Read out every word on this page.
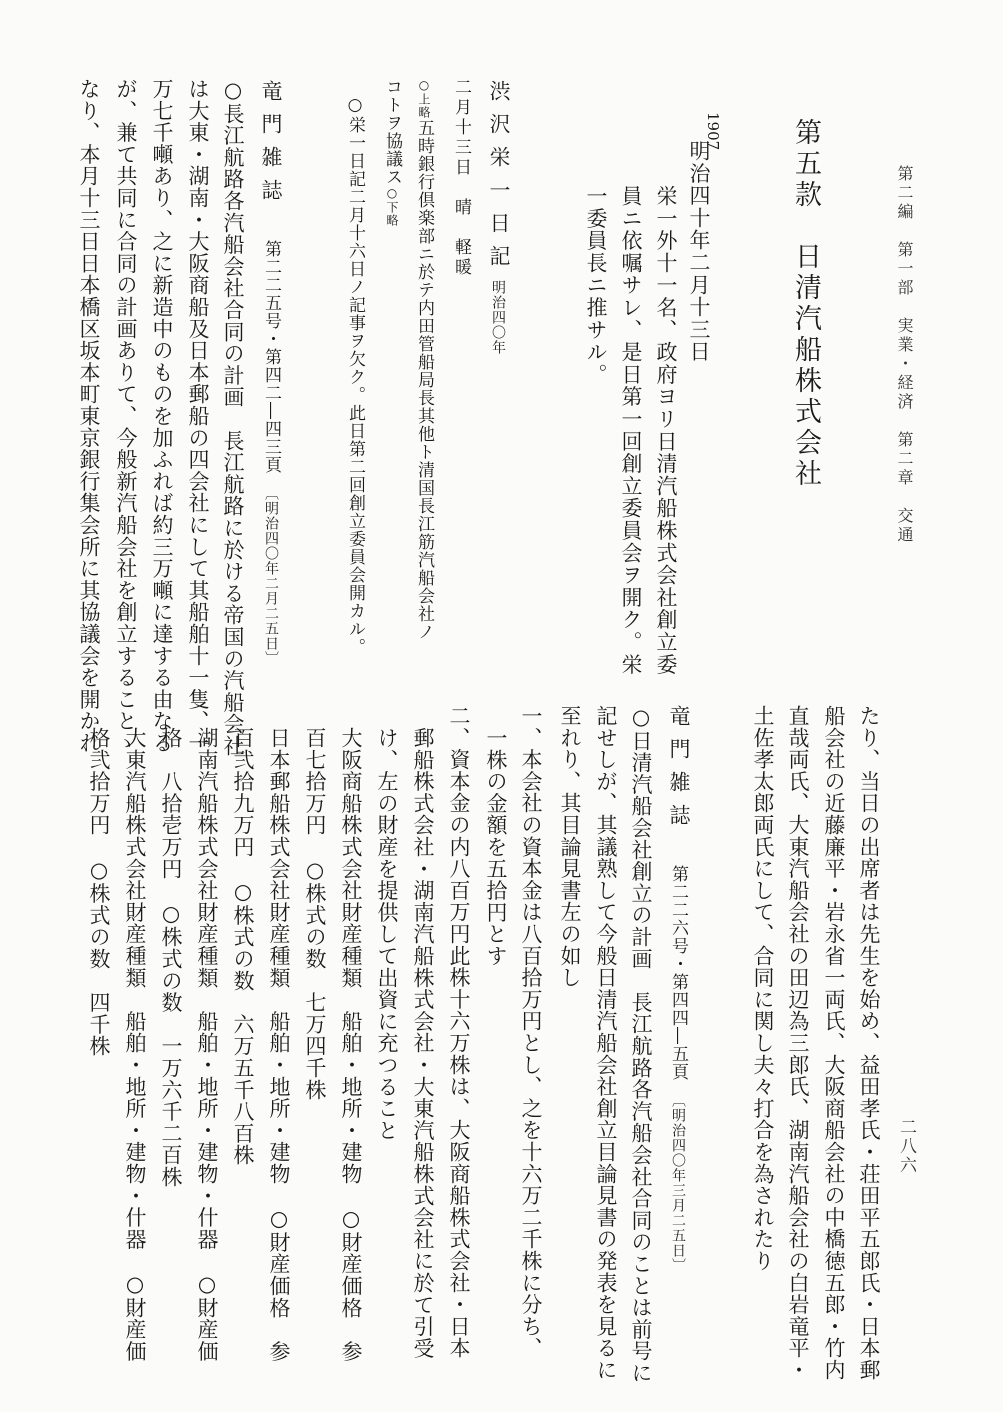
第二編　第一部　実業・経済　第二章　交通
二八六
第五款　日清汽船株式会社
1907
明治四十年二月十三日
栄一外十一名、政府ヨリ日清汽船株式会社創立委
員ニ依嘱サレ、是日第一回創立委員会ヲ開ク。栄
一委員長ニ推サル。
渋沢栄一日記
明治四〇年
二月十三日　晴　軽暖
○上略五時銀行倶楽部ニ於テ内田管船局長其他ト清国長江筋汽船会社ノ
コトヲ協議ス○下略
○栄一日記二月十六日ノ記事ヲ欠ク。此日第二回創立委員会開カル。
竜門雑誌
第二二五号・第四二―四三頁〔明治四〇年二月二五日〕
○長江航路各汽船会社合同の計画　長江航路に於ける帝国の汽船会社
は大東・湖南・大阪商船及日本郵船の四会社にして其船舶十一隻、一
万七千噸あり、之に新造中のものを加ふれば約三万噸に達する由なる
が、兼て共同に合同の計画ありて、今般新汽船会社を創立することゝ
なり、本月十三日日本橋区坂本町東京銀行集会所に其協議会を開かれ
たり、当日の出席者は先生を始め、益田孝氏・荘田平五郎氏・日本郵
船会社の近藤廉平・岩永省一両氏、大阪商船会社の中橋徳五郎・竹内
直哉両氏、大東汽船会社の田辺為三郎氏、湖南汽船会社の白岩竜平・
土佐孝太郎両氏にして、合同に関し夫々打合を為されたり
竜門雑誌
第二二六号・第四四―五頁〔明治四〇年三月二五日〕
○日清汽船会社創立の計画　長江航路各汽船会社合同のことは前号に
記せしが、其議熟して今般日清汽船会社創立目論見書の発表を見るに
至れり、其目論見書左の如し
一、本会社の資本金は八百拾万円とし、之を十六万二千株に分ち、
一株の金額を五拾円とす
二、資本金の内八百万円此株十六万株は、大阪商船株式会社・日本
郵船株式会社・湖南汽船株式会社・大東汽船株式会社に於て引受
け、左の財産を提供して出資に充つること
大阪商船株式会社財産種類　船舶・地所・建物　○財産価格　参
百七拾万円　○株式の数　七万四千株
日本郵船株式会社財産種類　船舶・地所・建物　○財産価格　参
百弐拾九万円　○株式の数　六万五千八百株
湖南汽船株式会社財産種類　船舶・地所・建物・什器　○財産価
格　八拾壱万円　○株式の数　一万六千二百株
大東汽船株式会社財産種類　船舶・地所・建物・什器　○財産価
格弐拾万円　○株式の数　四千株
